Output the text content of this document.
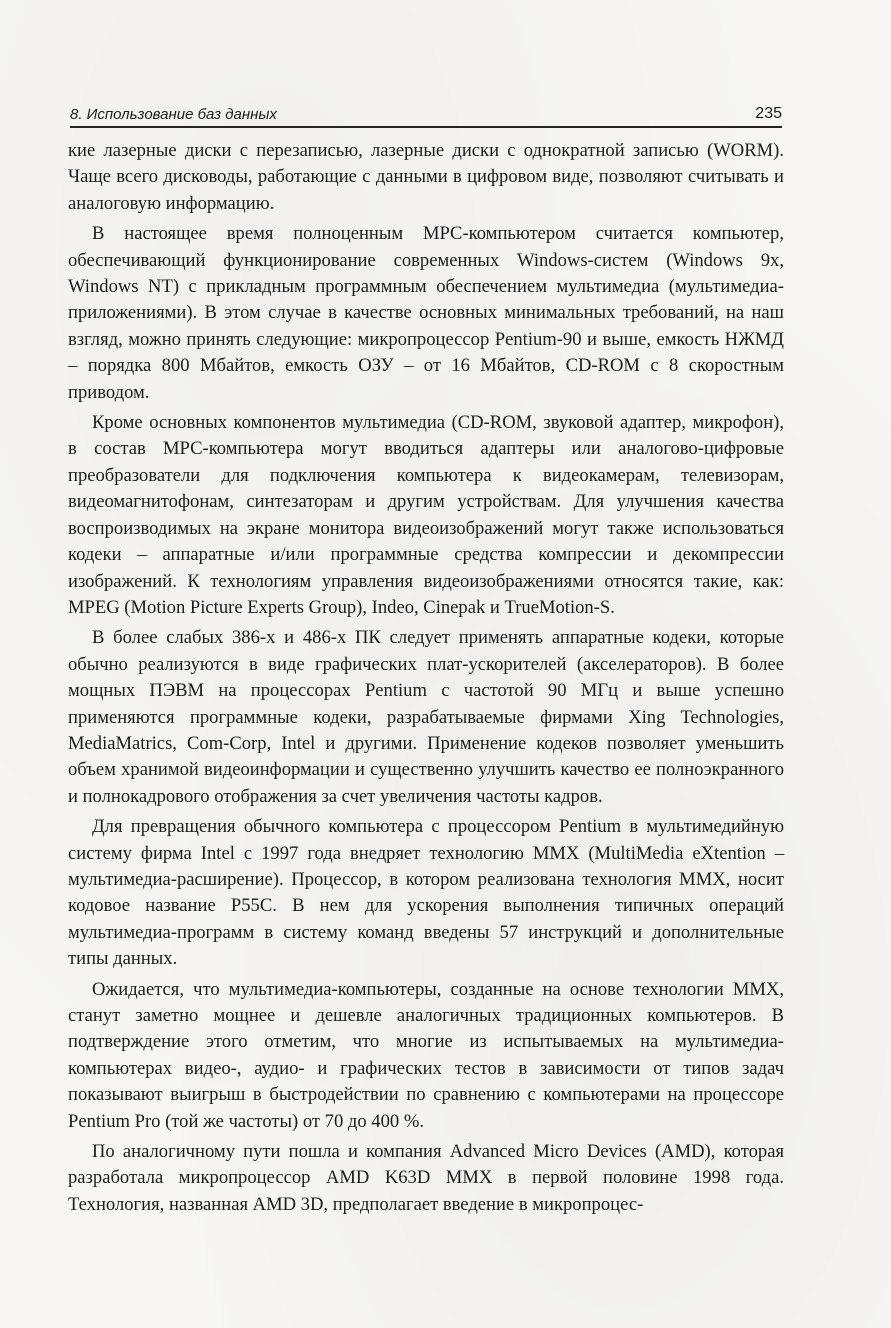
8. Использование баз данных	235

кие лазерные диски с перезаписью, лазерные диски с однократной записью (WORM). Чаще всего дисководы, работающие с данными в цифровом виде, позволяют считывать и аналоговую информацию.

В настоящее время полноценным МРС-компьютером считается компьютер, обеспечивающий функционирование современных Windows-систем (Windows 9x, Windows NT) с прикладным программным обеспечением мультимедиа (мультимедиа-приложениями). В этом случае в качестве основных минимальных требований, на наш взгляд, можно принять следующие: микропроцессор Pentium-90 и выше, емкость НЖМД – порядка 800 Мбайтов, емкость ОЗУ – от 16 Мбайтов, CD-ROM с 8 скоростным приводом.

Кроме основных компонентов мультимедиа (CD-ROM, звуковой адаптер, микрофон), в состав МРС-компьютера могут вводиться адаптеры или аналогово-цифровые преобразователи для подключения компьютера к видеокамерам, телевизорам, видеомагнитофонам, синтезаторам и другим устройствам. Для улучшения качества воспроизводимых на экране монитора видеоизображений могут также использоваться кодеки – аппаратные и/или программные средства компрессии и декомпрессии изображений. К технологиям управления видеоизображениями относятся такие, как: MPEG (Motion Picture Experts Group), Indeo, Cinepak и TrueMotion-S.

В более слабых 386-х и 486-х ПК следует применять аппаратные кодеки, которые обычно реализуются в виде графических плат-ускорителей (акселераторов). В более мощных ПЭВМ на процессорах Pentium с частотой 90 МГц и выше успешно применяются программные кодеки, разрабатываемые фирмами Xing Technologies, MediaMatrics, Com-Corp, Intel и другими. Применение кодеков позволяет уменьшить объем хранимой видеоинформации и существенно улучшить качество ее полноэкранного и полнокадрового отображения за счет увеличения частоты кадров.

Для превращения обычного компьютера с процессором Pentium в мультимедийную систему фирма Intel с 1997 года внедряет технологию MMX (MultiMedia eXtention – мультимедиа-расширение). Процессор, в котором реализована технология MMX, носит кодовое название P55C. В нем для ускорения выполнения типичных операций мультимедиа-программ в систему команд введены 57 инструкций и дополнительные типы данных.

Ожидается, что мультимедиа-компьютеры, созданные на основе технологии MMX, станут заметно мощнее и дешевле аналогичных традиционных компьютеров. В подтверждение этого отметим, что многие из испытываемых на мультимедиа-компьютерах видео-, аудио- и графических тестов в зависимости от типов задач показывают выигрыш в быстродействии по сравнению с компьютерами на процессоре Pentium Pro (той же частоты) от 70 до 400 %.

По аналогичному пути пошла и компания Advanced Micro Devices (AMD), которая разработала микропроцессор AMD K63D MMX в первой половине 1998 года. Технология, названная AMD 3D, предполагает введение в микропроцес-
